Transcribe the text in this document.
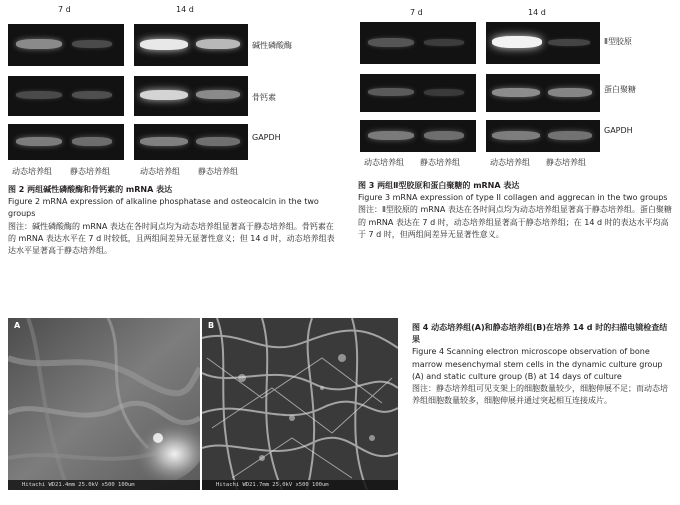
7 d	14 d
碱性磷酸酶
骨钙素
GAPDH
动态培养组 静态培养组	动态培养组 静态培养组

图 2 两组碱性磷酸酶和骨钙素的 mRNA 表达

Figure 2 mRNA expression of alkaline phosphatase and osteocalcin in the two groups

图注：碱性磷酸酶的 mRNA 表达在各时间点均为动态培养组显著高于静态培养组。骨钙素在的 mRNA 表达水平在 7 d 时较低，且两组间差异无显著性意义；但 14 d 时，动态培养组表达水平显著高于静态培养组。

7 d	14 d
Ⅱ型胶原
蛋白聚糖
GAPDH
动态培养组 静态培养组	动态培养组 静态培养组

图 3 两组Ⅱ型胶原和蛋白聚糖的 mRNA 表达

Figure 3 mRNA expression of type II collagen and aggrecan in the two groups

图注：Ⅱ型胶原的 mRNA 表达在各时间点均为动态培养组显著高于静态培养组。蛋白聚糖的 mRNA 表达在 7 d 时，动态培养组显著高于静态培养组；在 14 d 时的表达水平均高于 7 d 时，但两组间差异无显著性意义。

A
Hitachi WD21.4mm 25.0kV x500 100um
B
Hitachi WD21.7mm 25.0kV x500 100um

图 4 动态培养组(A)和静态培养组(B)在培养 14 d 时的扫描电镜检查结果

Figure 4 Scanning electron microscope observation of bone marrow mesenchymal stem cells in the dynamic culture group (A) and static culture group (B) at 14 days of culture

图注：静态培养组可见支架上的细胞数量较少，细胞伸展不足；而动态培养组细胞数量较多，细胞伸展并通过突起相互连接成片。
